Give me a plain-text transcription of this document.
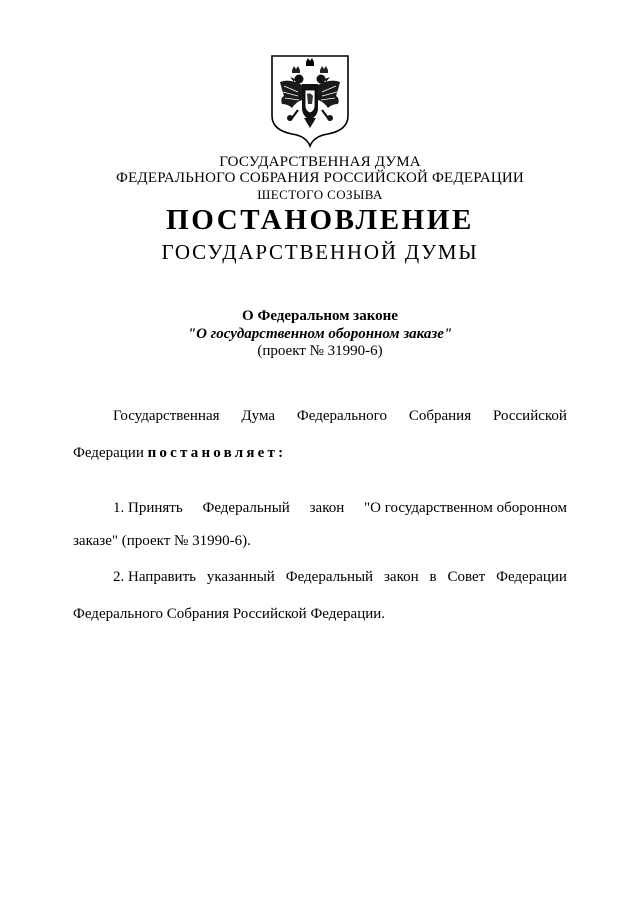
ГОСУДАРСТВЕННАЯ ДУМА
ФЕДЕРАЛЬНОГО СОБРАНИЯ РОССИЙСКОЙ ФЕДЕРАЦИИ
ШЕСТОГО СОЗЫВА
ПОСТАНОВЛЕНИЕ
ГОСУДАРСТВЕННОЙ ДУМЫ
О Федеральном законе
"О государственном оборонном заказе"
(проект № 31990-6)
Государственная Дума Федерального Собрания Российской
Федерации постановляет:
1. Принять Федеральный закон "О государственном оборонном
заказе" (проект № 31990-6).
2. Направить указанный Федеральный закон в Совет Федерации
Федерального Собрания Российской Федерации.
